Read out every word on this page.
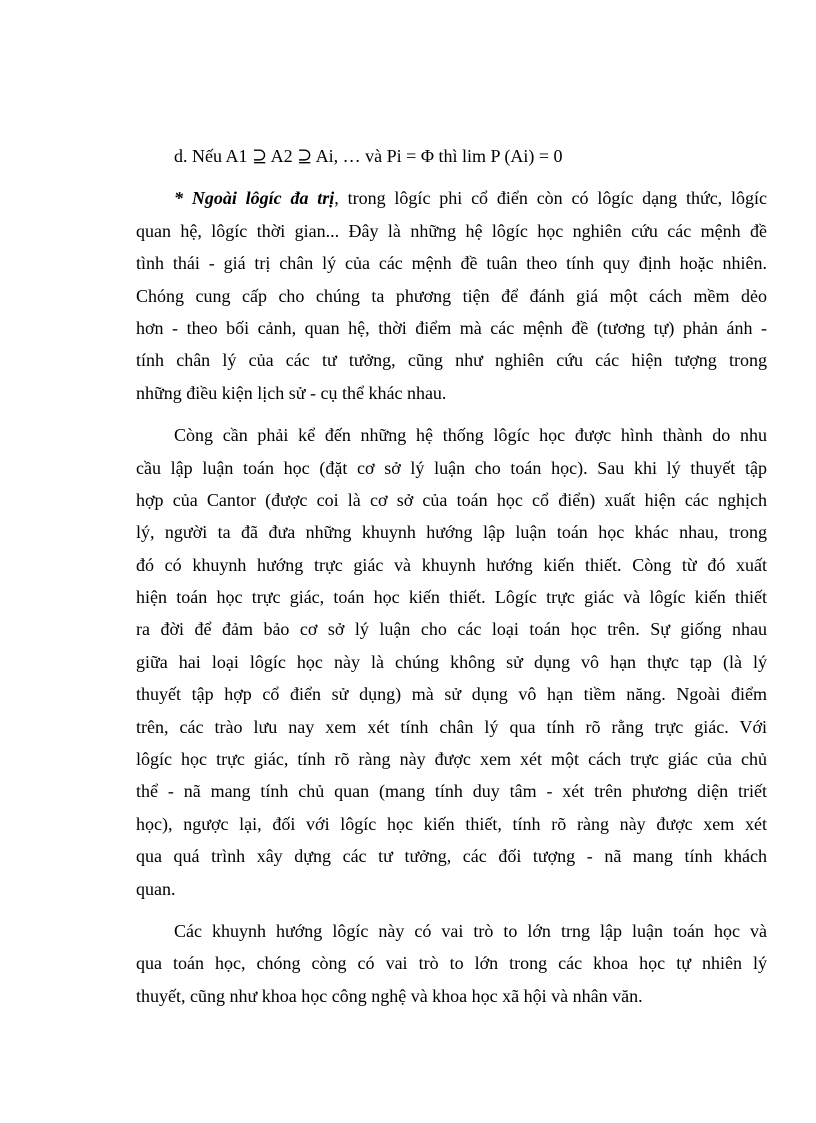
d. Nếu A1 ⊇ A2 ⊇ Ai, … và Pi = Φ thì lim P (Ai) = 0
* Ngoài lôgíc đa trị, trong lôgíc phi cổ điển còn có lôgíc dạng thức, lôgíc
quan hệ, lôgíc thời gian... Đây là những hệ lôgíc học nghiên cứu các mệnh đề
tình thái - giá trị chân lý của các mệnh đề tuân theo tính quy định hoặc nhiên.
Chóng cung cấp cho chúng ta phương tiện để đánh giá một cách mềm dẻo
hơn - theo bối cảnh, quan hệ, thời điểm mà các mệnh đề (tương tự) phản ánh -
tính chân lý của các tư tưởng, cũng như nghiên cứu các hiện tượng trong
những điều kiện lịch sử - cụ thể khác nhau.
Còng cần phải kể đến những hệ thống lôgíc học được hình thành do nhu
cầu lập luận toán học (đặt cơ sở lý luận cho toán học). Sau khi lý thuyết tập
hợp của Cantor (được coi là cơ sở của toán học cổ điển) xuất hiện các nghịch
lý, người ta đã đưa những khuynh hướng lập luận toán học khác nhau, trong
đó có khuynh hướng trực giác và khuynh hướng kiến thiết. Còng từ đó xuất
hiện toán học trực giác, toán học kiến thiết. Lôgíc trực giác và lôgíc kiến thiết
ra đời để đảm bảo cơ sở lý luận cho các loại toán học trên. Sự giống nhau
giữa hai loại lôgíc học này là chúng không sử dụng vô hạn thực tạp (là lý
thuyết tập hợp cổ điển sử dụng) mà sử dụng vô hạn tiềm năng. Ngoài điểm
trên, các trào lưu nay xem xét tính chân lý qua tính rõ rằng trực giác. Với
lôgíc học trực giác, tính rõ ràng này được xem xét một cách trực giác của chủ
thể - nã mang tính chủ quan (mang tính duy tâm - xét trên phương diện triết
học), ngược lại, đối với lôgíc học kiến thiết, tính rõ ràng này được xem xét
qua quá trình xây dựng các tư tưởng, các đối tượng - nã mang tính khách
quan.
Các khuynh hướng lôgíc này có vai trò to lớn trng lập luận toán học và
qua toán học, chóng còng có vai trò to lớn trong các khoa học tự nhiên lý
thuyết, cũng như khoa học công nghệ và khoa học xã hội và nhân văn.
